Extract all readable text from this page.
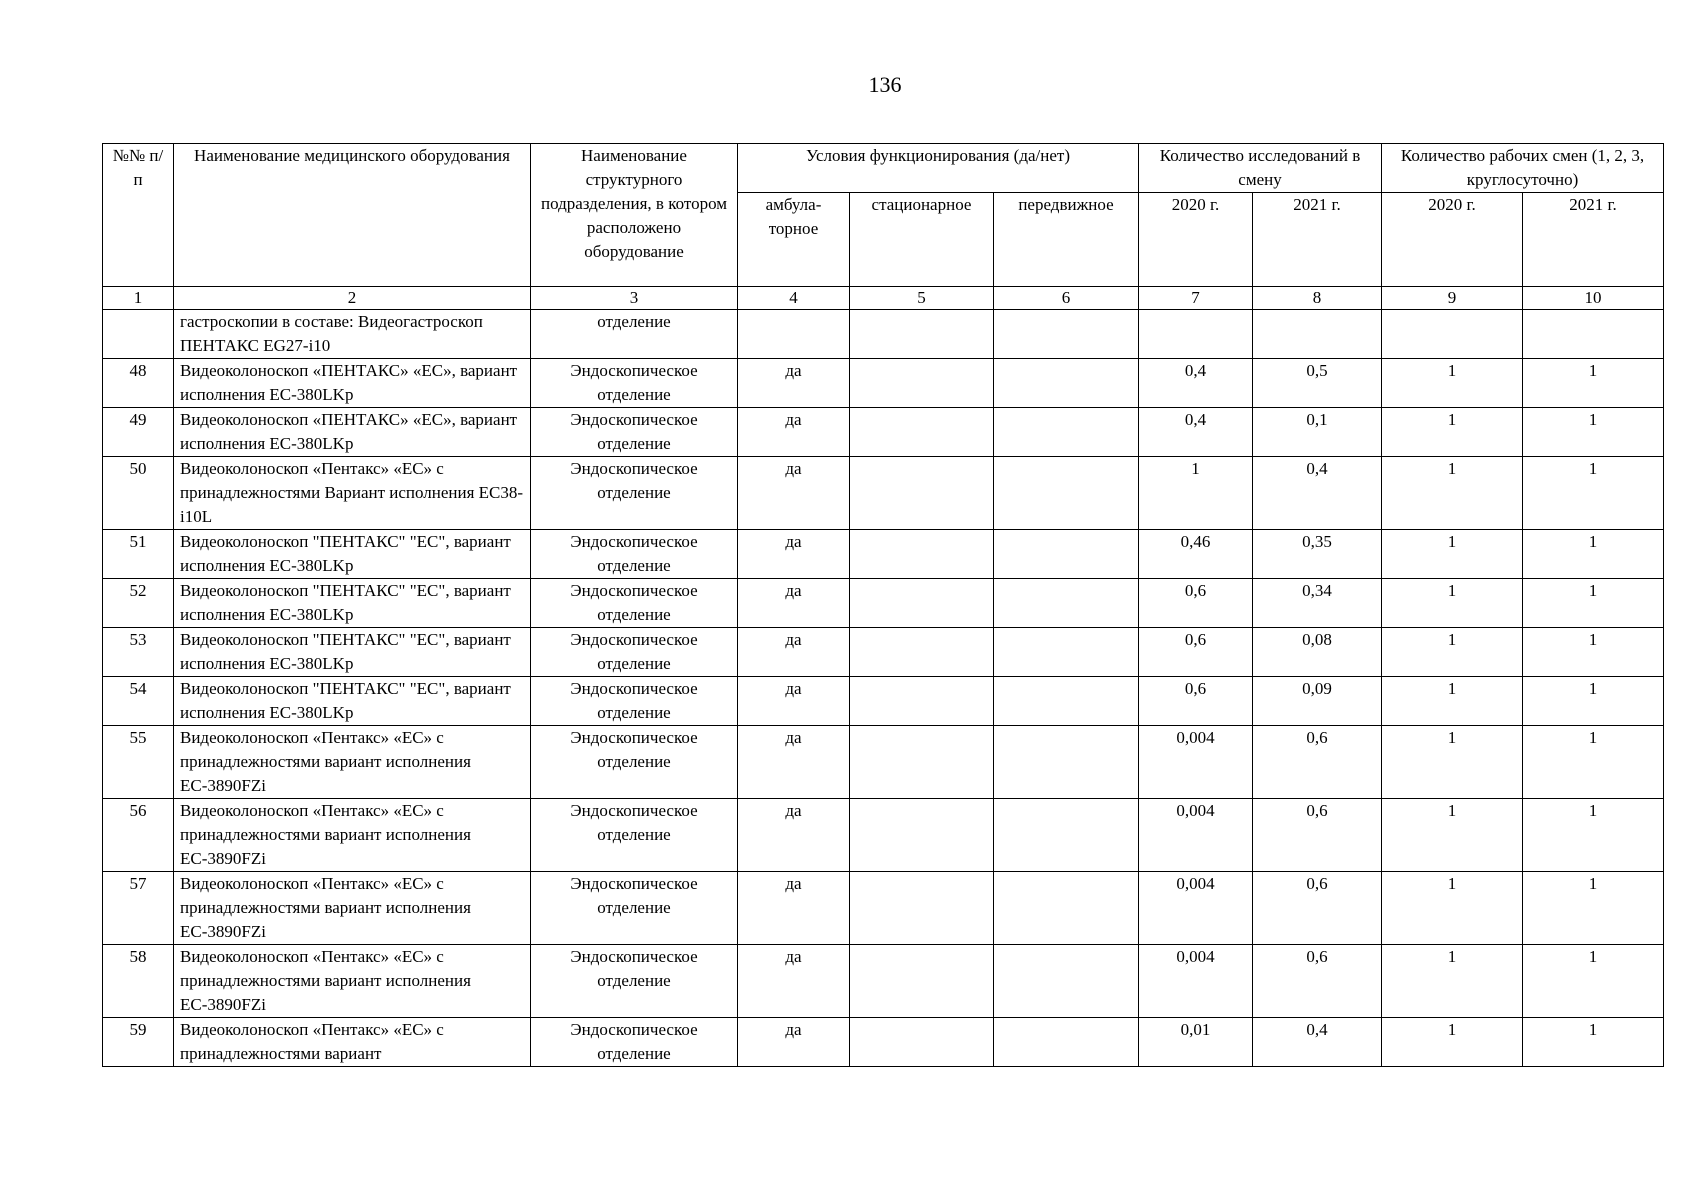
136
№№ п/п	Наименование медицинского оборудования	Наименование структурного подразделения, в котором расположено оборудование	Условия функционирования (да/нет)			Количество исследований в смену		Количество рабочих смен (1, 2, 3, круглосуточно)	
			амбула-торное	стационарное	передвижное	2020 г.	2021 г.	2020 г.	2021 г.
1	2	3	4	5	6	7	8	9	10
	гастроскопии в составе: Видеогастроскоп ПЕНТАКС EG27-i10	отделение							
48	Видеоколоноскоп «ПЕНТАКС» «ЕС», вариант исполнения ЕС-380LKp	Эндоскопическое отделение	да			0,4	0,5	1	1
49	Видеоколоноскоп «ПЕНТАКС» «ЕС», вариант исполнения ЕС-380LKp	Эндоскопическое отделение	да			0,4	0,1	1	1
50	Видеоколоноскоп «Пентакс» «ЕС» с принадлежностями Вариант исполнения ЕС38-i10L	Эндоскопическое отделение	да			1	0,4	1	1
51	Видеоколоноскоп "ПЕНТАКС" "ЕС", вариант исполнения ЕС-380LKp	Эндоскопическое отделение	да			0,46	0,35	1	1
52	Видеоколоноскоп "ПЕНТАКС" "ЕС", вариант исполнения ЕС-380LKp	Эндоскопическое отделение	да			0,6	0,34	1	1
53	Видеоколоноскоп "ПЕНТАКС" "ЕС", вариант исполнения ЕС-380LKp	Эндоскопическое отделение	да			0,6	0,08	1	1
54	Видеоколоноскоп "ПЕНТАКС" "ЕС", вариант исполнения ЕС-380LKp	Эндоскопическое отделение	да			0,6	0,09	1	1
55	Видеоколоноскоп «Пентакс» «ЕС» с принадлежностями вариант исполнения ЕС-3890FZi	Эндоскопическое отделение	да			0,004	0,6	1	1
56	Видеоколоноскоп «Пентакс» «ЕС» с принадлежностями вариант исполнения ЕС-3890FZi	Эндоскопическое отделение	да			0,004	0,6	1	1
57	Видеоколоноскоп «Пентакс» «ЕС» с принадлежностями вариант исполнения ЕС-3890FZi	Эндоскопическое отделение	да			0,004	0,6	1	1
58	Видеоколоноскоп «Пентакс» «ЕС» с принадлежностями вариант исполнения ЕС-3890FZi	Эндоскопическое отделение	да			0,004	0,6	1	1
59	Видеоколоноскоп «Пентакс» «ЕС» с принадлежностями вариант	Эндоскопическое отделение	да			0,01	0,4	1	1
